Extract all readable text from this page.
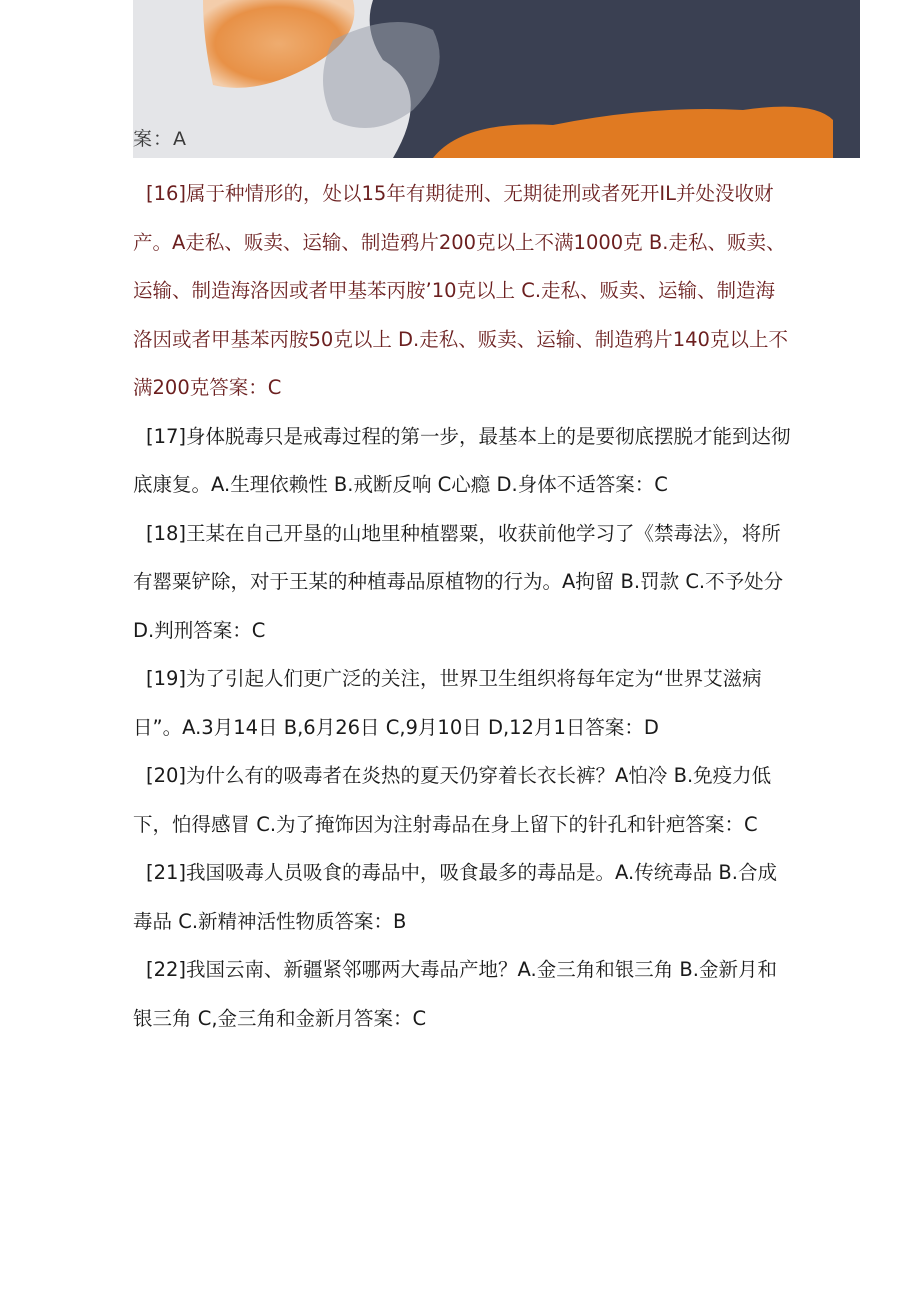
案：A

[16]属于种情形的，处以15年有期徒刑、无期徒刑或者死开IL并处没收财产。A走私、贩卖、运输、制造鸦片200克以上不满1000克 B.走私、贩卖、运输、制造海洛因或者甲基苯丙胺’10克以上 C.走私、贩卖、运输、制造海洛因或者甲基苯丙胺50克以上 D.走私、贩卖、运输、制造鸦片140克以上不满200克答案：C

[17]身体脱毒只是戒毒过程的第一步，最基本上的是要彻底摆脱才能到达彻底康复。A.生理依赖性 B.戒断反响 C心瘾 D.身体不适答案：C

[18]王某在自己开垦的山地里种植罂粟，收获前他学习了《禁毒法》，将所有罂粟铲除，对于王某的种植毒品原植物的行为。A拘留 B.罚款 C.不予处分 D.判刑答案：C

[19]为了引起人们更广泛的关注，世界卫生组织将每年定为“世界艾滋病日”。A.3月14日 B,6月26日 C,9月10日 D,12月1日答案：D

[20]为什么有的吸毒者在炎热的夏天仍穿着长衣长裤？A怕冷 B.免疫力低下，怕得感冒 C.为了掩饰因为注射毒品在身上留下的针孔和针疤答案：C

[21]我国吸毒人员吸食的毒品中，吸食最多的毒品是。A.传统毒品 B.合成毒品 C.新精神活性物质答案：B

[22]我国云南、新疆紧邻哪两大毒品产地？A.金三角和银三角 B.金新月和银三角 C,金三角和金新月答案：C
